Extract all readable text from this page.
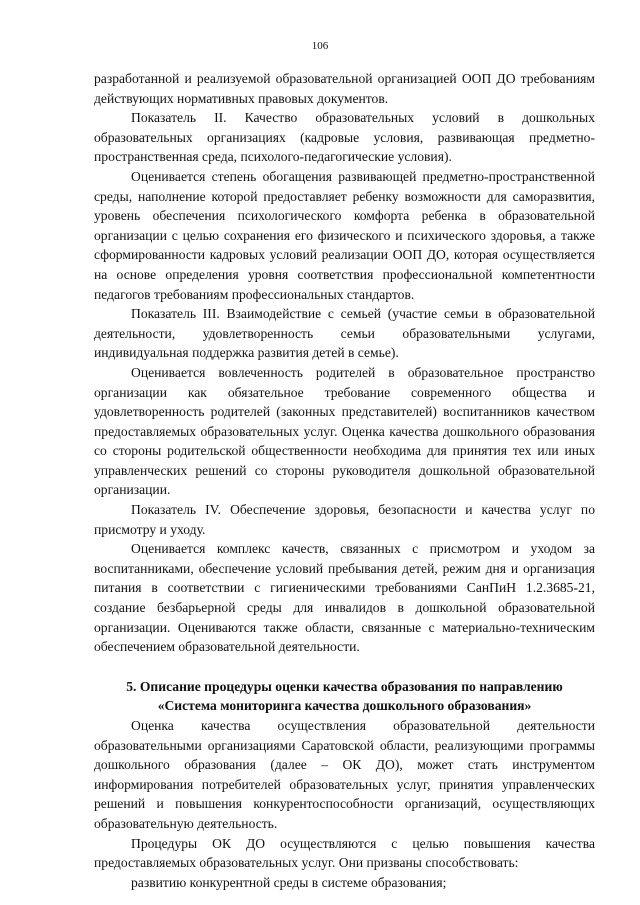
106

разработанной и реализуемой образовательной организацией ООП ДО требованиям действующих нормативных правовых документов.

Показатель II. Качество образовательных условий в дошкольных образовательных организациях (кадровые условия, развивающая предметно-пространственная среда, психолого-педагогические условия).

Оценивается степень обогащения развивающей предметно-пространственной среды, наполнение которой предоставляет ребенку возможности для саморазвития, уровень обеспечения психологического комфорта ребенка в образовательной организации с целью сохранения его физического и психического здоровья, а также сформированности кадровых условий реализации ООП ДО, которая осуществляется на основе определения уровня соответствия профессиональной компетентности педагогов требованиям профессиональных стандартов.

Показатель III. Взаимодействие с семьей (участие семьи в образовательной деятельности, удовлетворенность семьи образовательными услугами, индивидуальная поддержка развития детей в семье).

Оценивается вовлеченность родителей в образовательное пространство организации как обязательное требование современного общества и удовлетворенность родителей (законных представителей) воспитанников качеством предоставляемых образовательных услуг. Оценка качества дошкольного образования со стороны родительской общественности необходима для принятия тех или иных управленческих решений со стороны руководителя дошкольной образовательной организации.

Показатель IV. Обеспечение здоровья, безопасности и качества услуг по присмотру и уходу.

Оценивается комплекс качеств, связанных с присмотром и уходом за воспитанниками, обеспечение условий пребывания детей, режим дня и организация питания в соответствии с гигиеническими требованиями СанПиН 1.2.3685-21, создание безбарьерной среды для инвалидов в дошкольной образовательной организации. Оцениваются также области, связанные с материально-техническим обеспечением образовательной деятельности.

5. Описание процедуры оценки качества образования по направлению
«Система мониторинга качества дошкольного образования»

Оценка качества осуществления образовательной деятельности образовательными организациями Саратовской области, реализующими программы дошкольного образования (далее – ОК ДО), может стать инструментом информирования потребителей образовательных услуг, принятия управленческих решений и повышения конкурентоспособности организаций, осуществляющих образовательную деятельность.

Процедуры ОК ДО осуществляются с целью повышения качества предоставляемых образовательных услуг. Они призваны способствовать:

развитию конкурентной среды в системе образования;
